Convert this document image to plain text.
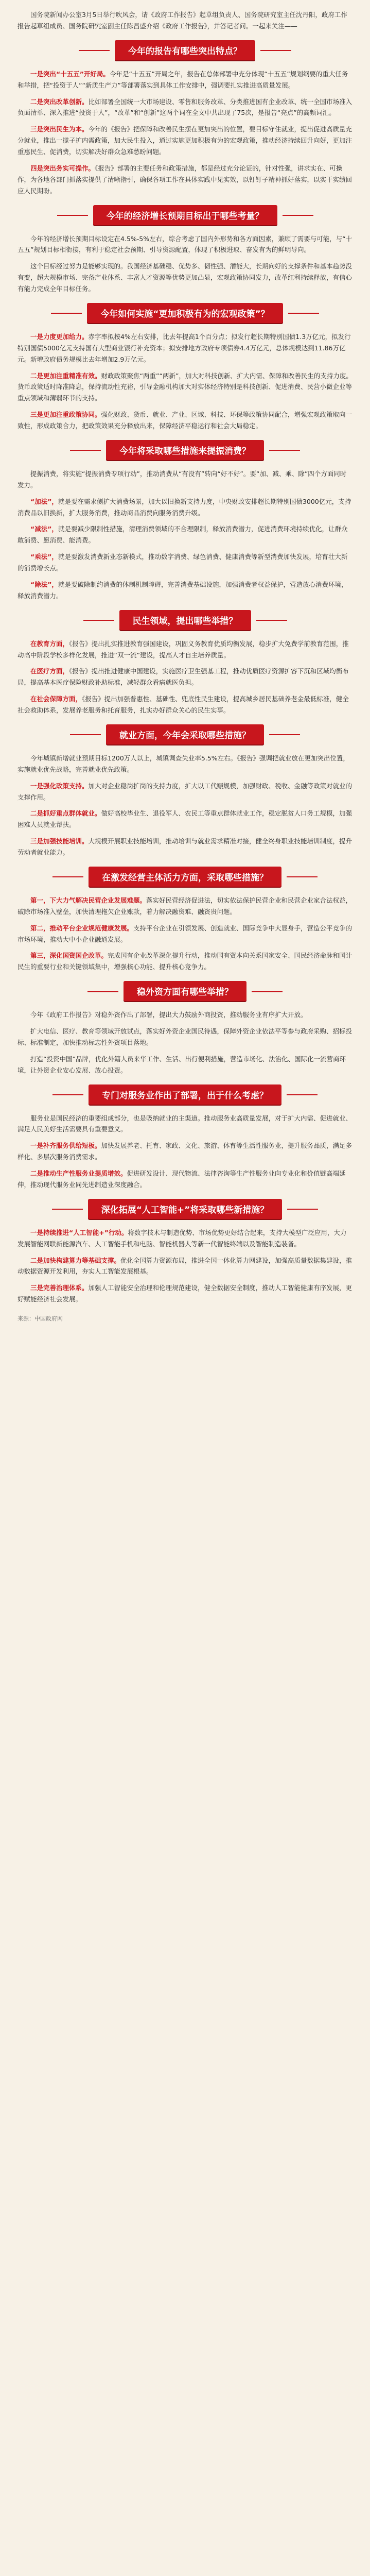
国务院新闻办公室3月5日举行吹风会，请《政府工作报告》起草组负责人、国务院研究室主任沈丹阳，政府工作报告起草组成员、国务院研究室副主任陈昌盛介绍《政府工作报告》，并答记者问。一起来关注——

今年的报告有哪些突出特点？

一是突出“十五五”开好局。今年是“十五五”开局之年，报告在总体部署中充分体现“十五五”规划纲要的重大任务和举措，把“投资于人”“新质生产力”等部署落实到具体工作安排中，强调要扎实推进高质量发展。

二是突出改革创新。比如部署全国统一大市场建设、零售和服务改革、分类推进国有企业改革、统一全国市场准入负面清单、深入推进“投资于人”，“改革”和“创新”这两个词在全文中共出现了75次，是报告“亮点”的高频词汇。

三是突出民生为本。今年的《报告》把保障和改善民生摆在更加突出的位置，要目标守住就业，提出促进高质量充分就业，推出一揽子扩内需政策，加大民生投入，通过实施更加积极有为的宏观政策，推动经济持续回升向好，更加注重惠民生、促消费，切实解决好群众急难愁盼问题。

四是突出务实可操作。《报告》部署的主要任务和政策措施，都是经过充分论证的，针对性强，讲求实在、可操作，为各地各部门抓落实提供了清晰指引，确保各项工作在具体实践中见实效，以钉钉子精神抓好落实，以实干实绩回应人民期盼。

今年的经济增长预期目标出于哪些考量？

今年的经济增长预期目标设定在4.5%-5%左右，综合考虑了国内外形势和各方面因素，兼顾了需要与可能，与“十五五”规划目标相衔接，有利于稳定社会预期、引导资源配置，体现了积极进取、奋发有为的鲜明导向。

这个目标经过努力是能够实现的。我国经济基础稳、优势多、韧性强、潜能大，长期向好的支撑条件和基本趋势没有变，超大规模市场、完备产业体系、丰富人才资源等优势更加凸显，宏观政策协同发力，改革红利持续释放，有信心有能力完成全年目标任务。

今年如何实施“更加积极有为的宏观政策”？

一是力度更加给力。赤字率拟按4%左右安排，比去年提高1个百分点；拟发行超长期特别国债1.3万亿元，拟发行特别国债5000亿元支持国有大型商业银行补充资本；拟安排地方政府专项债券4.4万亿元，总体规模达到11.86万亿元。新增政府债务规模比去年增加2.9万亿元。

二是更加注重精准有效。财政政策聚焦“两重”“两新”，加大对科技创新、扩大内需、保障和改善民生的支持力度。货币政策适时降准降息，保持流动性充裕，引导金融机构加大对实体经济特别是科技创新、促进消费、民营小微企业等重点领域和薄弱环节的支持。

三是更加注重政策协同。强化财政、货币、就业、产业、区域、科技、环保等政策协同配合，增强宏观政策取向一致性，形成政策合力，把政策效果充分释放出来，保障经济平稳运行和社会大局稳定。

今年将采取哪些措施来提振消费？

提振消费，将实施“提振消费专项行动”，推动消费从“有没有”转向“好不好”。要“加、减、乘、除”四个方面同时发力。

“加法”，就是要在需求侧扩大消费场景，加大以旧换新支持力度，中央财政安排超长期特别国债3000亿元，支持消费品以旧换新，扩大服务消费，推动商品消费向服务消费升级。

“减法”，就是要减少限制性措施，清理消费领域的不合理限制，释放消费潜力，促进消费环境持续优化，让群众敢消费、愿消费、能消费。

“乘法”，就是要激发消费新业态新模式，推动数字消费、绿色消费、健康消费等新型消费加快发展，培育壮大新的消费增长点。

“除法”，就是要破除制约消费的体制机制障碍，完善消费基础设施，加强消费者权益保护，营造放心消费环境，释放消费潜力。

民生领域，提出哪些举措？

在教育方面，《报告》提出扎实推进教育强国建设，巩固义务教育优质均衡发展，稳步扩大免费学前教育范围，推动高中阶段学校多样化发展，推进“双一流”建设，提高人才自主培养质量。

在医疗方面，《报告》提出推进健康中国建设，实施医疗卫生强基工程，推动优质医疗资源扩容下沉和区域均衡布局，提高基本医疗保险财政补助标准，减轻群众看病就医负担。

在社会保障方面，《报告》提出加强普惠性、基础性、兜底性民生建设，提高城乡居民基础养老金最低标准，健全社会救助体系，发展养老服务和托育服务，扎实办好群众关心的民生实事。

就业方面，今年会采取哪些措施？

今年城镇新增就业预期目标1200万人以上，城镇调查失业率5.5%左右。《报告》强调把就业放在更加突出位置，实施就业优先战略，完善就业优先政策。

一是强化政策支持。加大对企业稳岗扩岗的支持力度，扩大以工代赈规模，加强财政、税收、金融等政策对就业的支撑作用。

二是抓好重点群体就业。做好高校毕业生、退役军人、农民工等重点群体就业工作，稳定脱贫人口务工规模，加强困难人员就业帮扶。

三是加强技能培训。大规模开展职业技能培训，推动培训与就业需求精准对接，健全终身职业技能培训制度，提升劳动者就业能力。

在激发经营主体活力方面，采取哪些措施？

第一，下大力气解决民营企业发展难题。落实好民营经济促进法，切实依法保护民营企业和民营企业家合法权益，破除市场准入壁垒，加快清理拖欠企业账款，着力解决融资难、融资贵问题。

第二，推动平台企业规范健康发展。支持平台企业在引领发展、创造就业、国际竞争中大显身手，营造公平竞争的市场环境，推动大中小企业融通发展。

第三，深化国资国企改革。完成国有企业改革深化提升行动，推动国有资本向关系国家安全、国民经济命脉和国计民生的重要行业和关键领域集中，增强核心功能、提升核心竞争力。

稳外资方面有哪些举措？

今年《政府工作报告》对稳外资作出了部署，提出大力鼓励外商投资，推动服务业有序扩大开放。

扩大电信、医疗、教育等领域开放试点，落实好外资企业国民待遇，保障外资企业依法平等参与政府采购、招标投标、标准制定，加快推动标志性外资项目落地。

打造“投资中国”品牌，优化外籍人员来华工作、生活、出行便利措施，营造市场化、法治化、国际化一流营商环境，让外资企业安心发展、放心投资。

专门对服务业作出了部署，出于什么考虑？

服务业是国民经济的重要组成部分，也是吸纳就业的主渠道。推动服务业高质量发展，对于扩大内需、促进就业、满足人民美好生活需要具有重要意义。

一是补齐服务供给短板。加快发展养老、托育、家政、文化、旅游、体育等生活性服务业，提升服务品质，满足多样化、多层次服务消费需求。

二是推动生产性服务业提质增效。促进研发设计、现代物流、法律咨询等生产性服务业向专业化和价值链高端延伸，推动现代服务业同先进制造业深度融合。

深化拓展“人工智能+”将采取哪些新措施？

一是持续推进“人工智能+”行动。将数字技术与制造优势、市场优势更好结合起来，支持大模型广泛应用，大力发展智能网联新能源汽车、人工智能手机和电脑、智能机器人等新一代智能终端以及智能制造装备。

二是加快构建算力等基础支撑。优化全国算力资源布局，推进全国一体化算力网建设，加强高质量数据集建设，推动数据资源开发利用，夯实人工智能发展根基。

三是完善治理体系。加强人工智能安全治理和伦理规范建设，健全数据安全制度，推动人工智能健康有序发展，更好赋能经济社会发展。

来源：中国政府网
